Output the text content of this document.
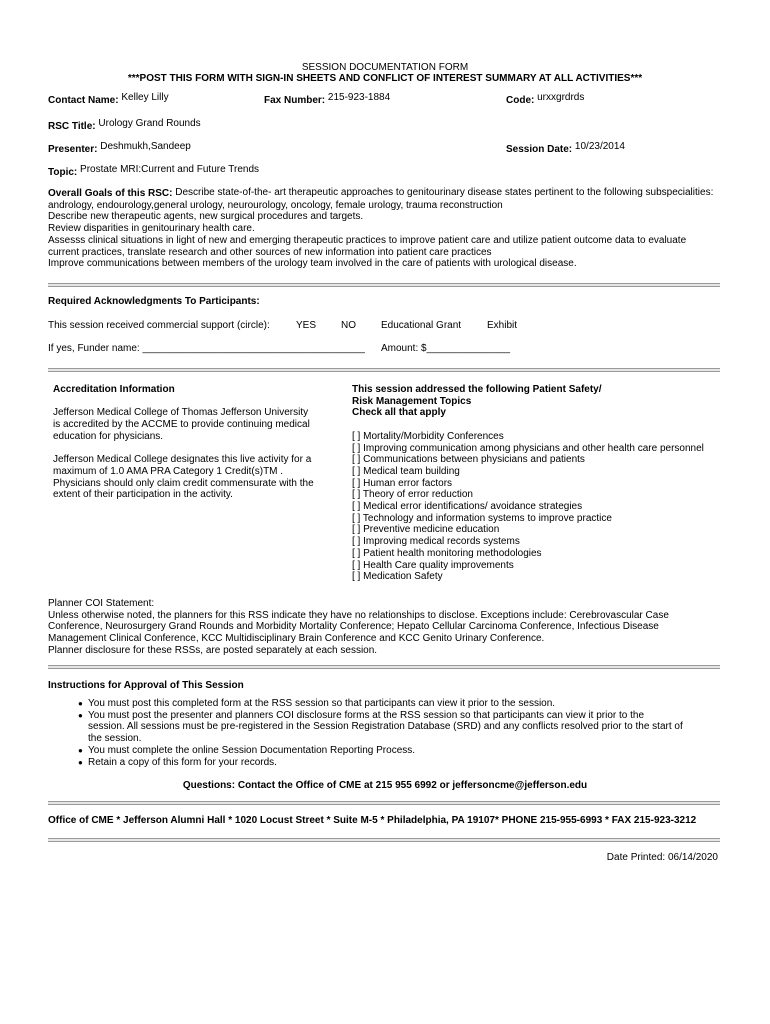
SESSION DOCUMENTATION FORM
***POST THIS FORM WITH SIGN-IN SHEETS AND CONFLICT OF INTEREST SUMMARY AT ALL ACTIVITIES***
Contact Name: Kelley Lilly	Fax Number: 215-923-1884	Code: urxxgrdrds
RSC Title: Urology Grand Rounds
Presenter: Deshmukh,Sandeep	Session Date: 10/23/2014
Topic: Prostate MRI:Current and Future Trends
Overall Goals of this RSC: Describe state-of-the- art therapeutic approaches to genitourinary disease states pertinent to the following subspecialities:
andrology, endourology,general urology, neurourology, oncology, female urology, trauma reconstruction
Describe new therapeutic agents, new surgical procedures and targets.
Review disparities in genitourinary health care.
Assesss clinical situations in light of new and emerging therapeutic practices to improve patient care and utilize patient outcome data to evaluate
current practices, translate research and other sources of new information into patient care practices
Improve communications between members of the urology team involved in the care of patients with urological disease.
Required Acknowledgments To Participants:
This session received commercial support (circle):	YES NO	Educational Grant	Exhibit
If yes, Funder name: ________________________________________ Amount: $_______________
Accreditation Information

Jefferson Medical College of Thomas Jefferson University
is accredited by the ACCME to provide continuing medical
education for physicians.

Jefferson Medical College designates this live activity for a
maximum of 1.0 AMA PRA Category 1 Credit(s)TM .
Physicians should only claim credit commensurate with the
extent of their participation in the activity.
This session addressed the following Patient Safety/
Risk Management Topics
Check all that apply

[ ] Mortality/Morbidity Conferences
[ ] Improving communication among physicians and other health care personnel
[ ] Communications between physicians and patients
[ ] Medical team building
[ ] Human error factors
[ ] Theory of error reduction
[ ] Medical error identifications/ avoidance strategies
[ ] Technology and information systems to improve practice
[ ] Preventive medicine education
[ ] Improving medical records systems
[ ] Patient health monitoring methodologies
[ ] Health Care quality improvements
[ ] Medication Safety
Planner COI Statement:
Unless otherwise noted, the planners for this RSS indicate they have no relationships to disclose. Exceptions include: Cerebrovascular Case
Conference, Neurosurgery Grand Rounds and Morbidity Mortality Conference; Hepato Cellular Carcinoma Conference, Infectious Disease
Management Clinical Conference, KCC Multidisciplinary Brain Conference and KCC Genito Urinary Conference.
Planner disclosure for these RSSs, are posted separately at each session.
Instructions for Approval of This Session
● You must post this completed form at the RSS session so that participants can view it prior to the session.
● You must post the presenter and planners COI disclosure forms at the RSS session so that participants can view it prior to the
session. All sessions must be pre-registered in the Session Registration Database (SRD) and any conflicts resolved prior to the start of
the session.
● You must complete the online Session Documentation Reporting Process.
● Retain a copy of this form for your records.
Questions: Contact the Office of CME at 215 955 6992 or jeffersoncme@jefferson.edu
Office of CME * Jefferson Alumni Hall * 1020 Locust Street * Suite M-5 * Philadelphia, PA 19107* PHONE 215-955-6993 * FAX 215-923-3212
Date Printed: 06/14/2020
